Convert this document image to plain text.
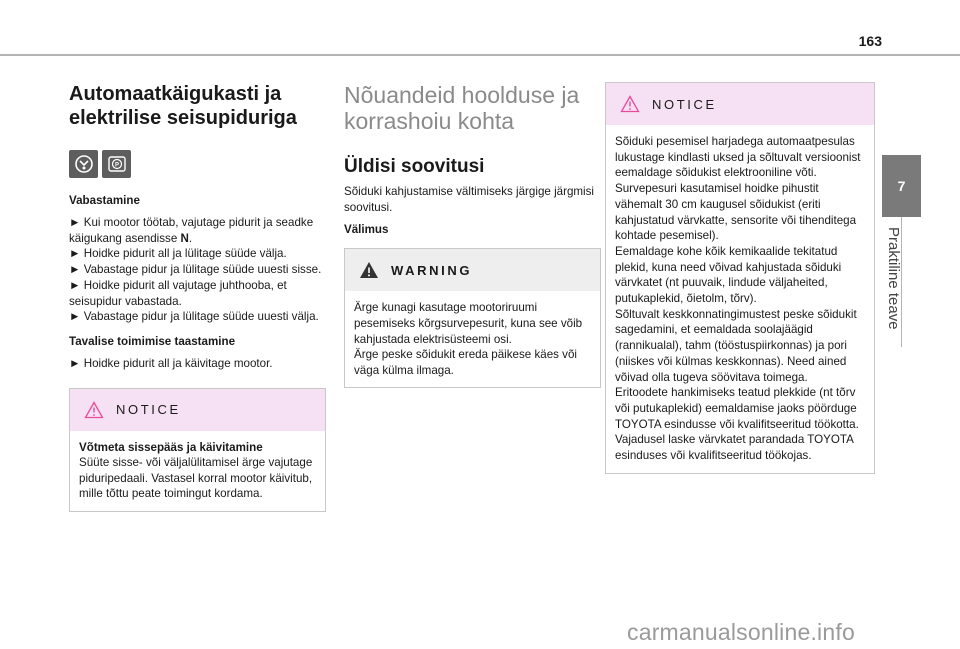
163
7
Praktiline teave
Automaatkäigukasti ja
elektrilise seisupiduriga
P

Vabastamine

► Kui mootor töötab, vajutage pidurit ja seadke käigukang asendisse N.

► Hoidke pidurit all ja lülitage süüde välja.

► Vabastage pidur ja lülitage süüde uuesti sisse.

► Hoidke pidurit all vajutage juhthooba, et seisupidur vabastada.

► Vabastage pidur ja lülitage süüde uuesti välja.

Tavalise toimimise taastamine

► Hoidke pidurit all ja käivitage mootor.

NOTICE
Võtmeta sissepääs ja käivitamine
Süüte sisse- või väljalülitamisel ärge vajutage piduripedaali. Vastasel korral mootor käivitub, mille tõttu peate toimingut kordama.
Nõuandeid hoolduse ja
korrashoiu kohta
Üldisi soovitusi

Sõiduki kahjustamise vältimiseks järgige järgmisi soovitusi.

Välimus

WARNING
Ärge kunagi kasutage mootoriruumi pesemiseks kõrgsurvepesurit, kuna see võib kahjustada elektrisüsteemi osi.
Ärge peske sõidukit ereda päikese käes või väga külma ilmaga.
NOTICE
Sõiduki pesemisel harjadega automaatpesulas lukustage kindlasti uksed ja sõltuvalt versioonist eemaldage sõidukist elektrooniline võti.
Survepesuri kasutamisel hoidke pihustit vähemalt 30 cm kaugusel sõidukist (eriti kahjustatud värvkatte, sensorite või tihenditega kohtade pesemisel).
Eemaldage kohe kõik kemikaalide tekitatud plekid, kuna need võivad kahjustada sõiduki värvkatet (nt puuvaik, lindude väljaheited, putukaplekid, õietolm, tõrv).
Sõltuvalt keskkonnatingimustest peske sõidukit sagedamini, et eemaldada soolajäägid (rannikualal), tahm (tööstuspiirkonnas) ja pori (niiskes või külmas keskkonnas). Need ained võivad olla tugeva söövitava toimega.
Eritoodete hankimiseks teatud plekkide (nt tõrv või putukaplekid) eemaldamise jaoks pöörduge TOYOTA esindusse või kvalifitseeritud töökotta.
Vajadusel laske värvkatet parandada TOYOTA esinduses või kvalifitseeritud töökojas.
carmanualsonline.info
